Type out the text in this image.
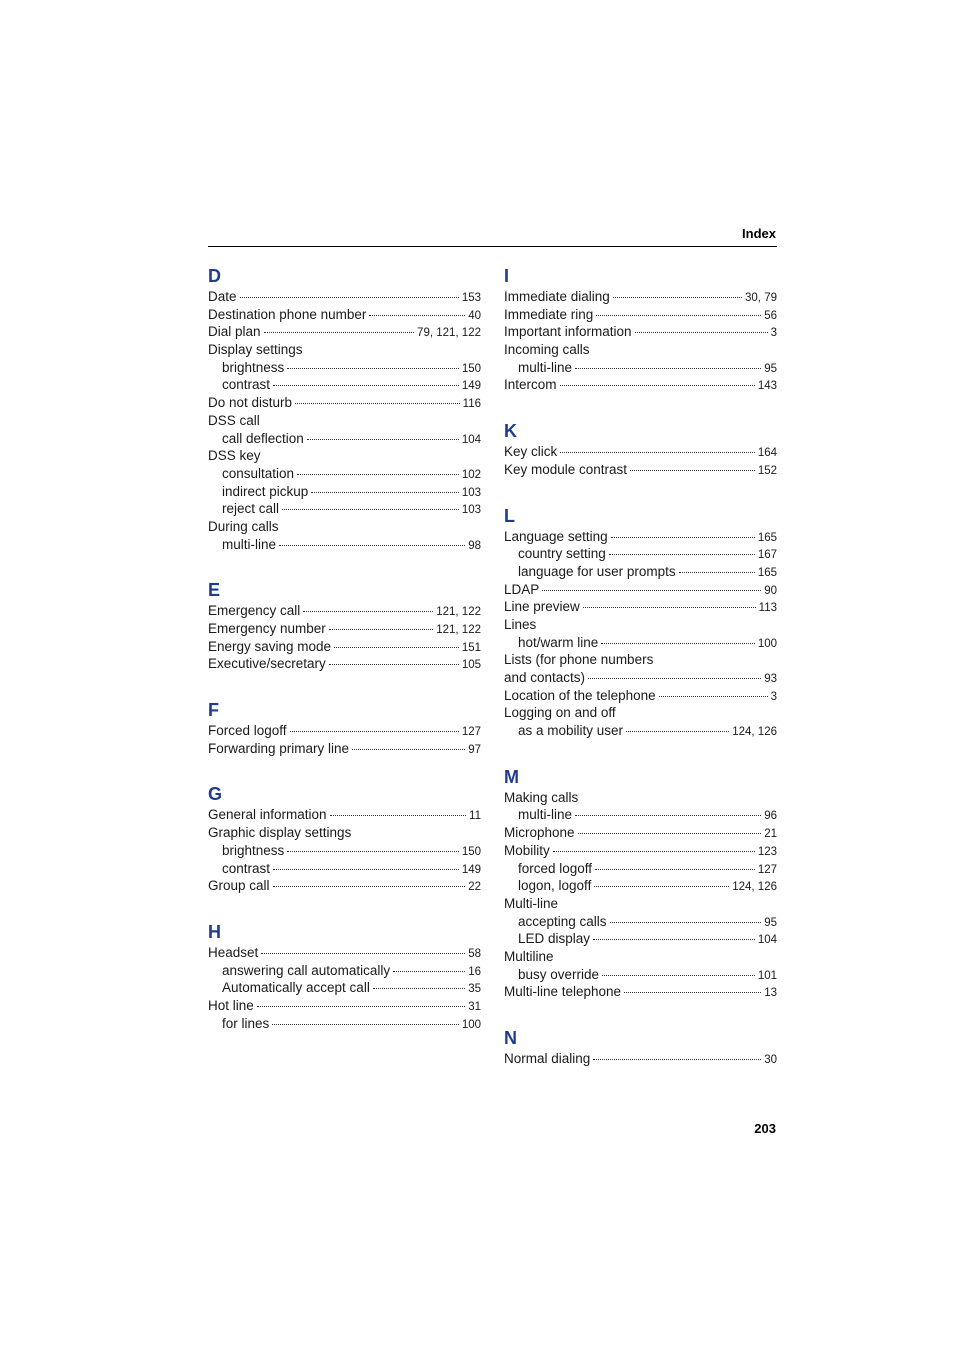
Index
D
Date	153
Destination phone number	40
Dial plan	79, 121, 122
Display settings
brightness	150
contrast	149
Do not disturb	116
DSS call
call deflection	104
DSS key
consultation	102
indirect pickup	103
reject call	103
During calls
multi-line	98
E
Emergency call	121, 122
Emergency number	121, 122
Energy saving mode	151
Executive/secretary	105
F
Forced logoff	127
Forwarding primary line	97
G
General information	11
Graphic display settings
brightness	150
contrast	149
Group call	22
H
Headset	58
answering call automatically	16
Automatically accept call	35
Hot line	31
for lines	100
I
Immediate dialing	30, 79
Immediate ring	56
Important information	3
Incoming calls
multi-line	95
Intercom	143
K
Key click	164
Key module contrast	152
L
Language setting	165
country setting	167
language for user prompts	165
LDAP	90
Line preview	113
Lines
hot/warm line	100
Lists (for phone numbers
and contacts)	93
Location of the telephone	3
Logging on and off
as a mobility user	124, 126
M
Making calls
multi-line	96
Microphone	21
Mobility	123
forced logoff	127
logon, logoff	124, 126
Multi-line
accepting calls	95
LED display	104
Multiline
busy override	101
Multi-line telephone	13
N
Normal dialing	30
203
